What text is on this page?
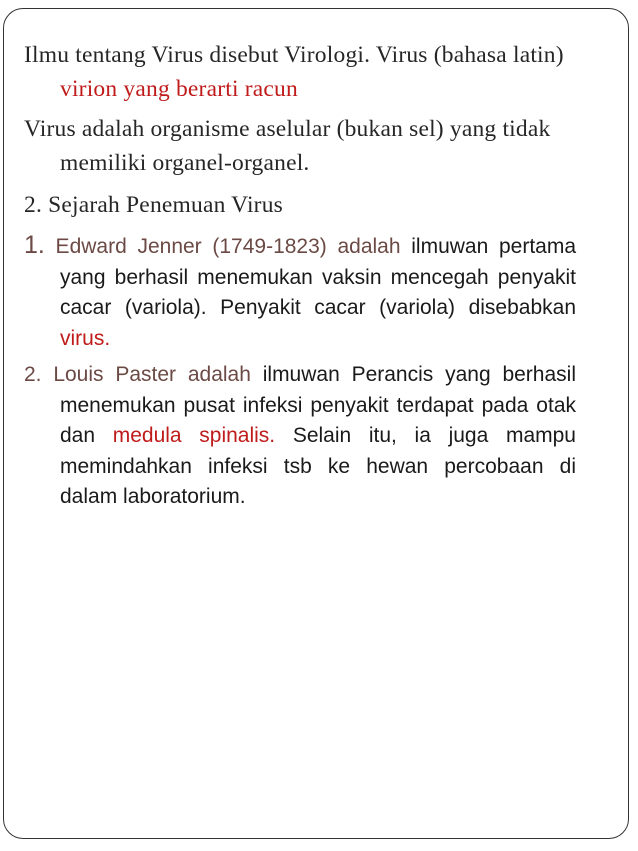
Ilmu tentang Virus disebut Virologi. Virus (bahasa latin) virion yang berarti racun

Virus adalah organisme aselular (bukan sel) yang tidak memiliki organel-organel.

2. Sejarah Penemuan Virus

1. Edward Jenner (1749-1823) adalah ilmuwan pertama yang berhasil menemukan vaksin mencegah penyakit cacar (variola). Penyakit cacar (variola) disebabkan virus.

2. Louis Paster adalah ilmuwan Perancis yang berhasil menemukan pusat infeksi penyakit terdapat pada otak dan medula spinalis. Selain itu, ia juga mampu memindahkan infeksi tsb ke hewan percobaan di dalam laboratorium.
